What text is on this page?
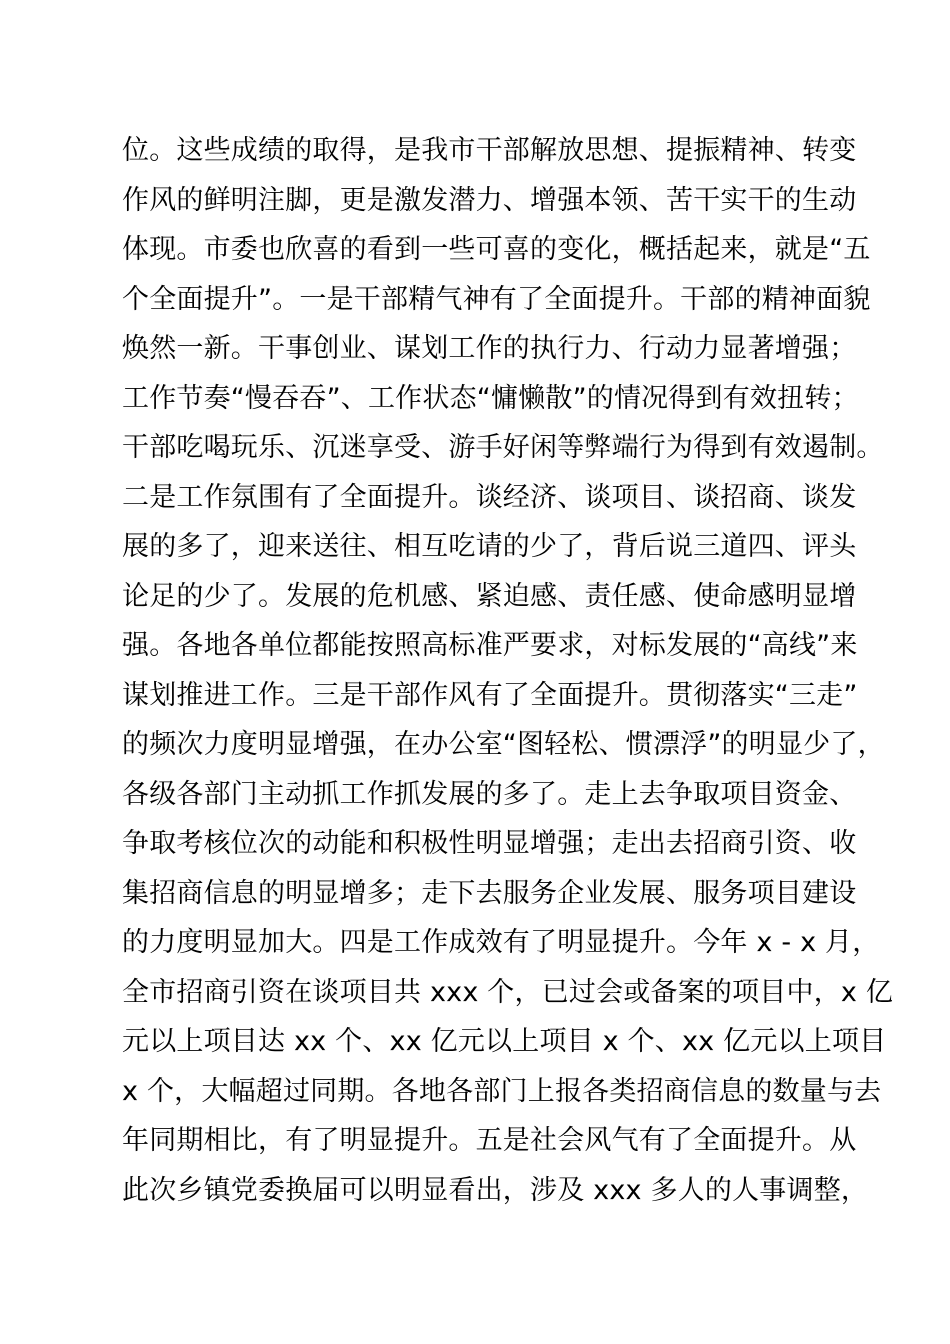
位。这些成绩的取得，是我市干部解放思想、提振精神、转变
作风的鲜明注脚，更是激发潜力、增强本领、苦干实干的生动
体现。市委也欣喜的看到一些可喜的变化，概括起来，就是“五
个全面提升”。一是干部精气神有了全面提升。干部的精神面貌
焕然一新。干事创业、谋划工作的执行力、行动力显著增强；
工作节奏“慢吞吞”、工作状态“慵懒散”的情况得到有效扭转；
干部吃喝玩乐、沉迷享受、游手好闲等弊端行为得到有效遏制。
二是工作氛围有了全面提升。谈经济、谈项目、谈招商、谈发
展的多了，迎来送往、相互吃请的少了，背后说三道四、评头
论足的少了。发展的危机感、紧迫感、责任感、使命感明显增
强。各地各单位都能按照高标准严要求，对标发展的“高线”来
谋划推进工作。三是干部作风有了全面提升。贯彻落实“三走”
的频次力度明显增强，在办公室“图轻松、惯漂浮”的明显少了，
各级各部门主动抓工作抓发展的多了。走上去争取项目资金、
争取考核位次的动能和积极性明显增强；走出去招商引资、收
集招商信息的明显增多；走下去服务企业发展、服务项目建设
的力度明显加大。四是工作成效有了明显提升。今年 x - x 月，
全市招商引资在谈项目共 xxx 个，已过会或备案的项目中，x 亿
元以上项目达 xx 个、xx 亿元以上项目 x 个、xx 亿元以上项目
x 个，大幅超过同期。各地各部门上报各类招商信息的数量与去
年同期相比，有了明显提升。五是社会风气有了全面提升。从
此次乡镇党委换届可以明显看出，涉及 xxx 多人的人事调整，
